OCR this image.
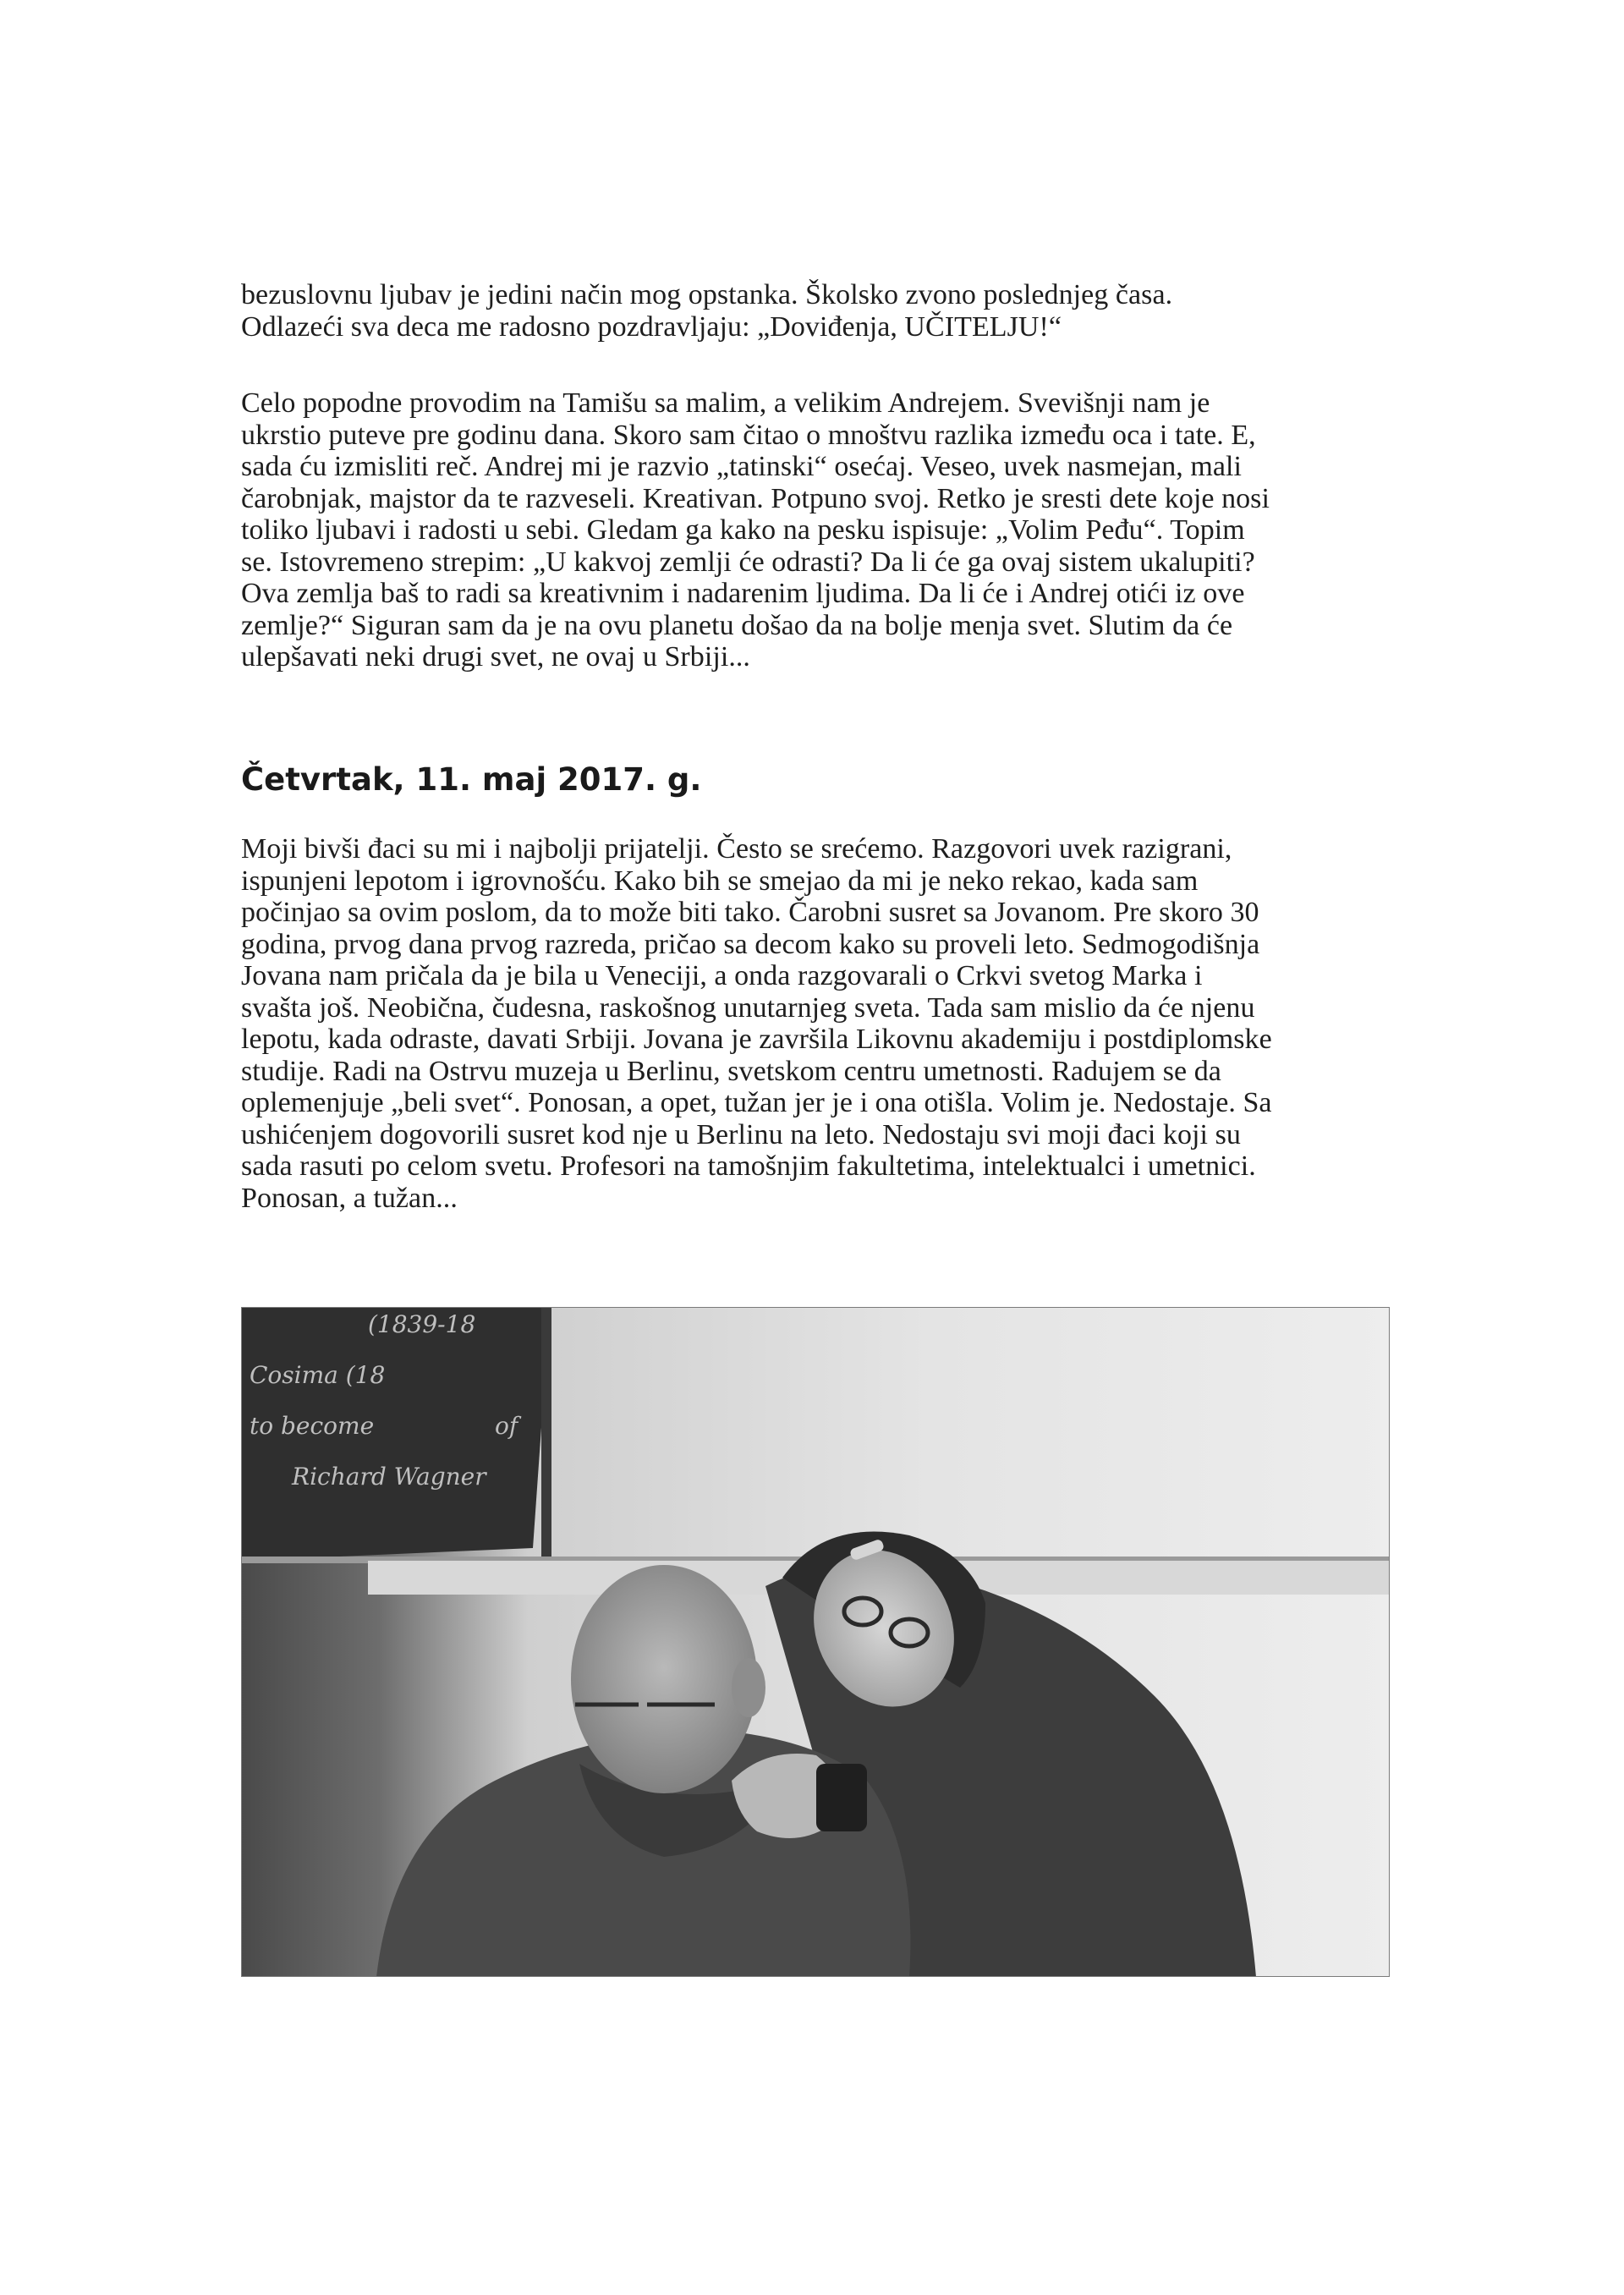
bezuslovnu ljubav je jedini način mog opstanka. Školsko zvono poslednjeg časa.
Odlazeći sva deca me radosno pozdravljaju: „Doviđenja, UČITELJU!“
Celo popodne provodim na Tamišu sa malim, a velikim Andrejem. Svevišnji nam je
ukrstio puteve pre godinu dana. Skoro sam čitao o mnoštvu razlika između oca i tate. E,
sada ću izmisliti reč. Andrej mi je razvio „tatinski“ osećaj. Veseo, uvek nasmejan, mali
čarobnjak, majstor da te razveseli. Kreativan. Potpuno svoj. Retko je sresti dete koje nosi
toliko ljubavi i radosti u sebi. Gledam ga kako na pesku ispisuje: „Volim Peđu“. Topim
se. Istovremeno strepim: „U kakvoj zemlji će odrasti? Da li će ga ovaj sistem ukalupiti?
Ova zemlja baš to radi sa kreativnim i nadarenim ljudima. Da li će i Andrej otići iz ove
zemlje?“ Siguran sam da je na ovu planetu došao da na bolje menja svet. Slutim da će
ulepšavati neki drugi svet, ne ovaj u Srbiji...
Četvrtak, 11. maj 2017. g.
Moji bivši đaci su mi i najbolji prijatelji. Često se srećemo. Razgovori uvek razigrani,
ispunjeni lepotom i igrovnošću. Kako bih se smejao da mi je neko rekao, kada sam
počinjao sa ovim poslom, da to može biti tako. Čarobni susret sa Jovanom. Pre skoro 30
godina, prvog dana prvog razreda, pričao sa decom kako su proveli leto. Sedmogodišnja
Jovana nam pričala da je bila u Veneciji, a onda razgovarali o Crkvi svetog Marka i
svašta još. Neobična, čudesna, raskošnog unutarnjeg sveta. Tada sam mislio da će njenu
lepotu, kada odraste, davati Srbiji. Jovana je završila Likovnu akademiju i postdiplomske
studije. Radi na Ostrvu muzeja u Berlinu, svetskom centru umetnosti. Radujem se da
oplemenjuje „beli svet“. Ponosan, a opet, tužan jer je i ona otišla. Volim je. Nedostaje. Sa
ushićenjem dogovorili susret kod nje u Berlinu na leto. Nedostaju svi moji đaci koji su
sada rasuti po celom svetu. Profesori na tamošnjim fakultetima, intelektualci i umetnici.
Ponosan, a tužan...
(1839-18
Cosima (18
to become	of
Richard Wagner
